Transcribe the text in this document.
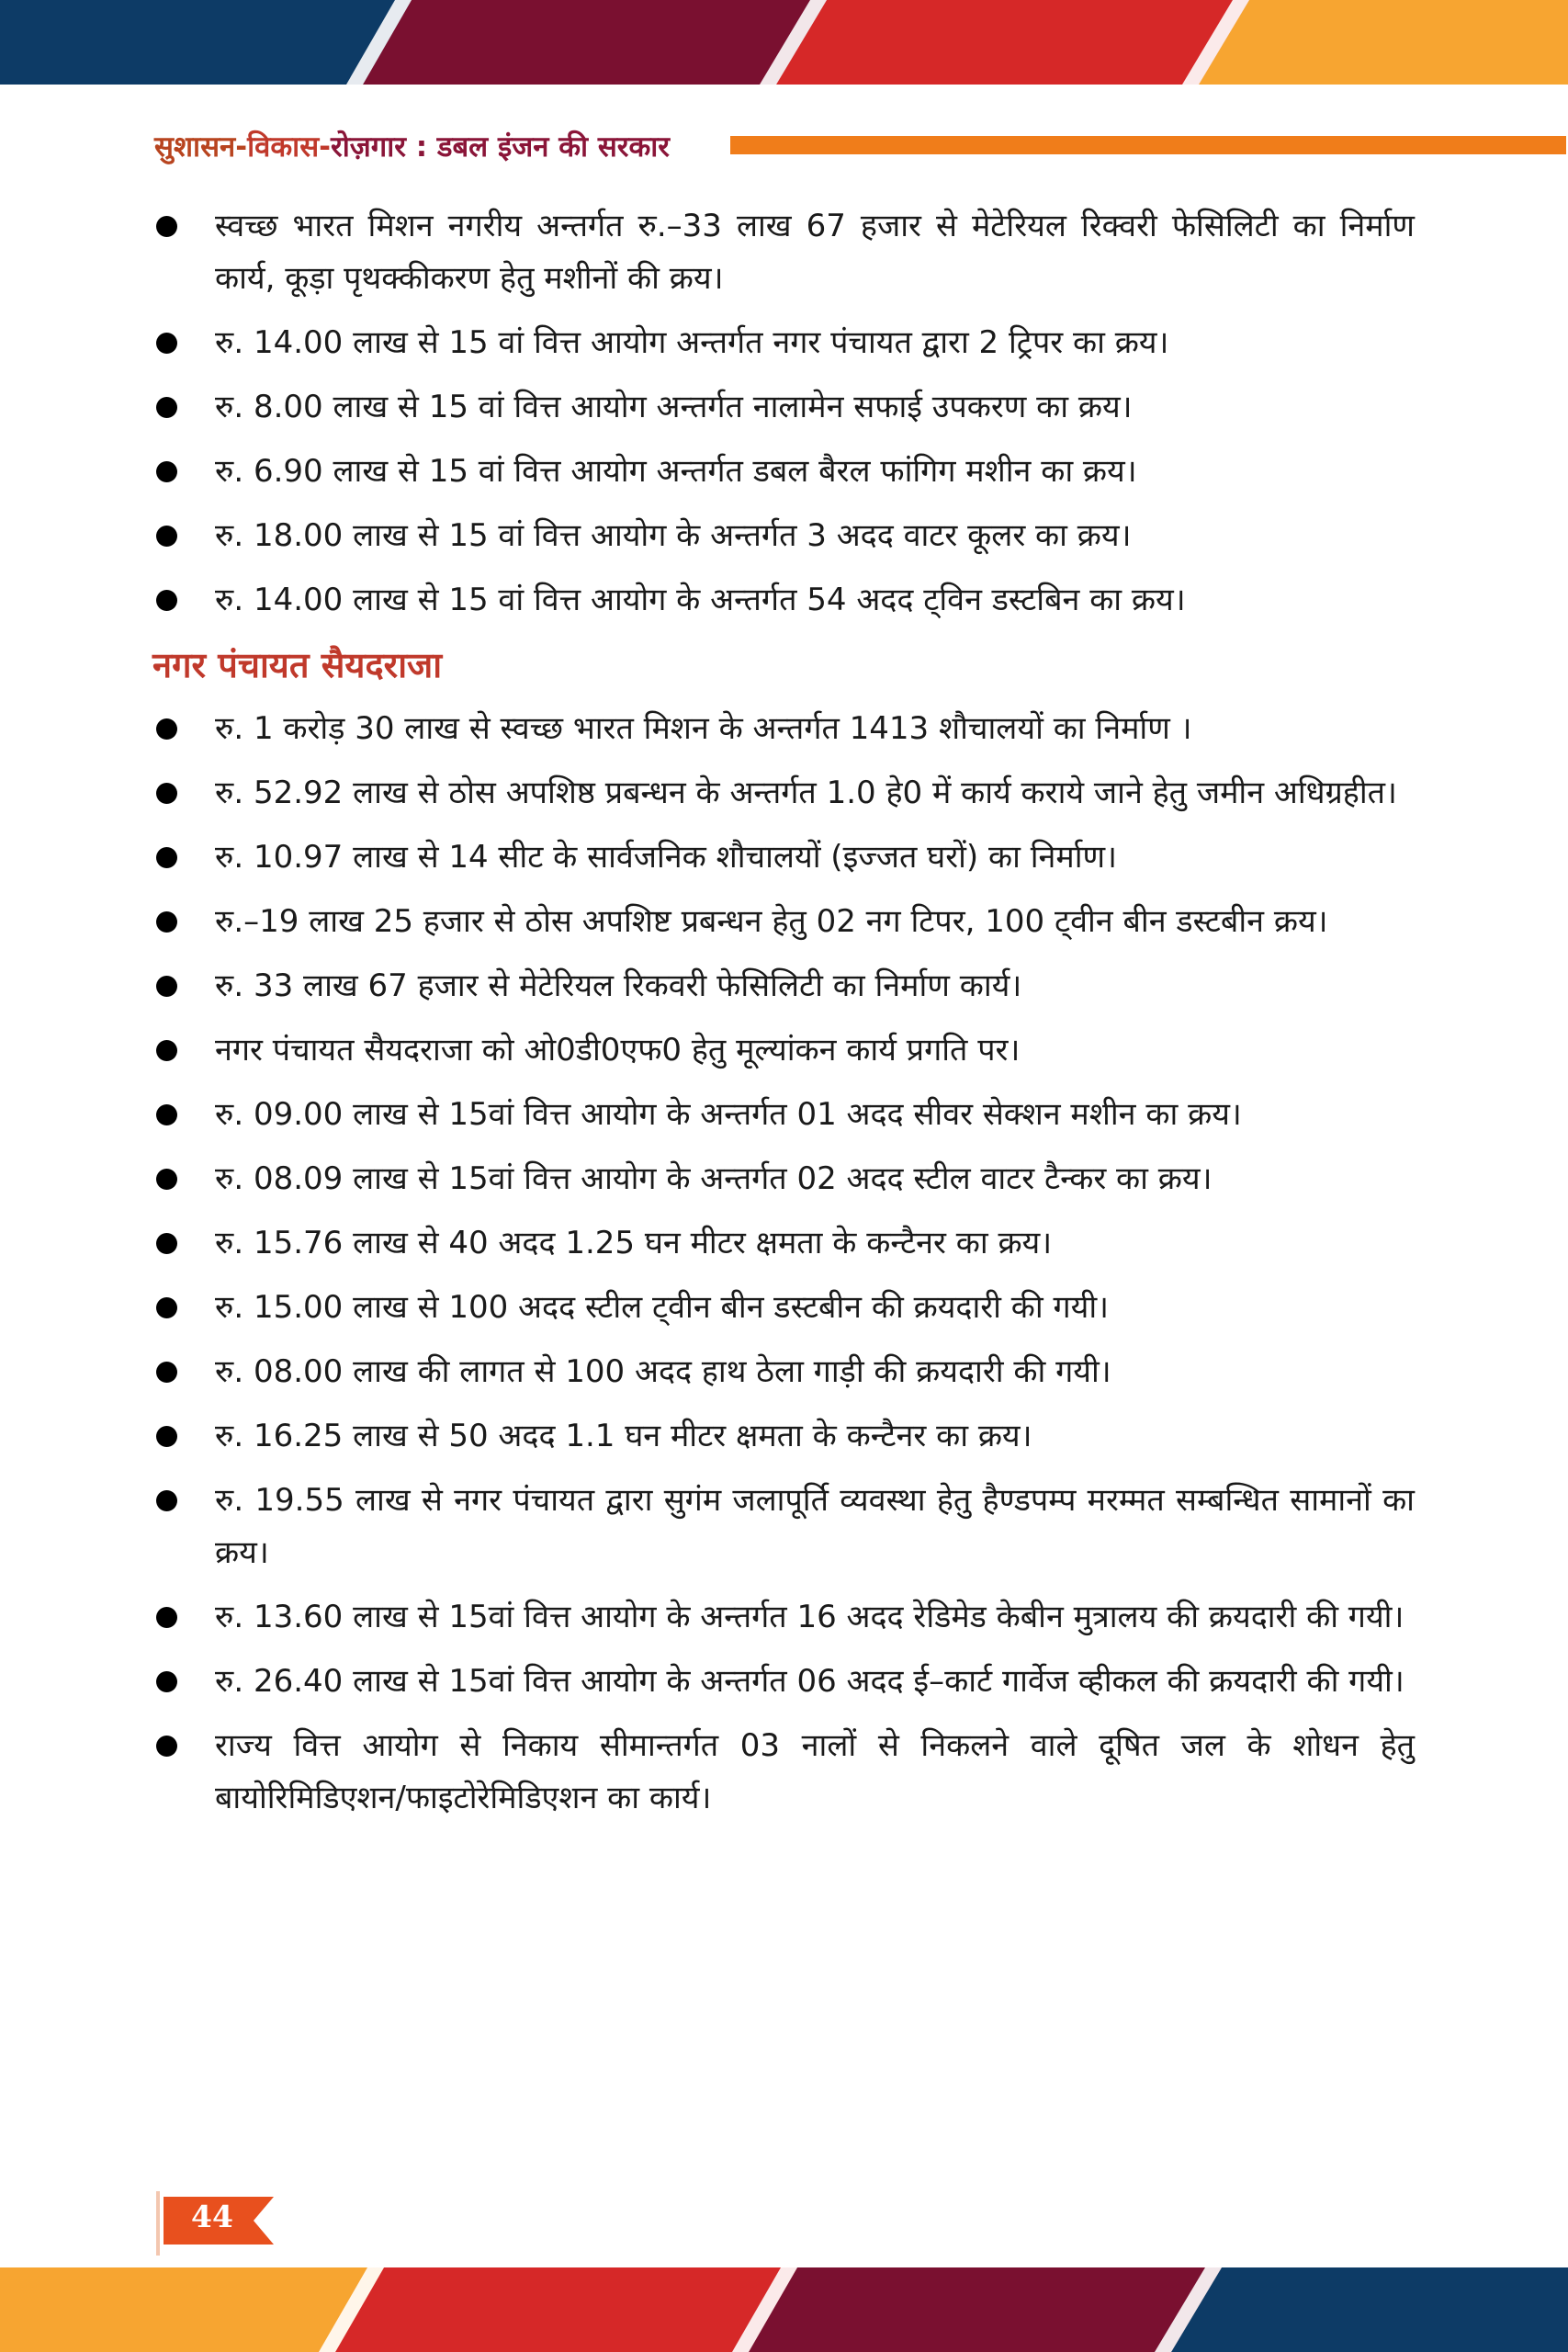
सुशासन-विकास-रोज़गार : डबल इंजन की सरकार
स्वच्छ भारत मिशन नगरीय अन्तर्गत रु.–33 लाख 67 हजार से मेटेरियल रिक्वरी फेसिलिटी का निर्माण कार्य, कूड़ा पृथक्कीकरण हेतु मशीनों की क्रय।
रु. 14.00 लाख से 15 वां वित्त आयोग अन्तर्गत नगर पंचायत द्वारा 2 ट्रिपर का क्रय।
रु. 8.00 लाख से 15 वां वित्त आयोग अन्तर्गत नालामेन सफाई उपकरण का क्रय।
रु. 6.90 लाख से 15 वां वित्त आयोग अन्तर्गत डबल बैरल फांगिग मशीन का क्रय।
रु. 18.00 लाख से 15 वां वित्त आयोग के अन्तर्गत 3 अदद वाटर कूलर का क्रय।
रु. 14.00 लाख से 15 वां वित्त आयोग के अन्तर्गत 54 अदद ट्विन डस्टबिन का क्रय।
नगर पंचायत सैयदराजा
रु. 1 करोड़ 30 लाख से स्वच्छ भारत मिशन के अन्तर्गत 1413 शौचालयों का निर्माण ।
रु. 52.92 लाख से ठोस अपशिष्ठ प्रबन्धन के अन्तर्गत 1.0 हे0 में कार्य कराये जाने हेतु जमीन अधिग्रहीत।
रु. 10.97 लाख से 14 सीट के सार्वजनिक शौचालयों (इज्जत घरों) का निर्माण।
रु.–19 लाख 25 हजार से ठोस अपशिष्ट प्रबन्धन हेतु 02 नग टिपर, 100 ट्वीन बीन डस्टबीन क्रय।
रु. 33 लाख 67 हजार से मेटेरियल रिकवरी फेसिलिटी का निर्माण कार्य।
नगर पंचायत सैयदराजा को ओ0डी0एफ0 हेतु मूल्यांकन कार्य प्रगति पर।
रु. 09.00 लाख से 15वां वित्त आयोग के अन्तर्गत 01 अदद सीवर सेक्शन मशीन का क्रय।
रु. 08.09 लाख से 15वां वित्त आयोग के अन्तर्गत 02 अदद स्टील वाटर टैन्कर का क्रय।
रु. 15.76 लाख से 40 अदद 1.25 घन मीटर क्षमता के कन्टैनर का क्रय।
रु. 15.00 लाख से 100 अदद स्टील ट्वीन बीन डस्टबीन की क्रयदारी की गयी।
रु. 08.00 लाख की लागत से 100 अदद हाथ ठेला गाड़ी की क्रयदारी की गयी।
रु. 16.25 लाख से 50 अदद 1.1 घन मीटर क्षमता के कन्टैनर का क्रय।
रु. 19.55 लाख से नगर पंचायत द्वारा सुगंम जलापूर्ति व्यवस्था हेतु हैण्डपम्प मरम्मत सम्बन्धित सामानों का क्रय।
रु. 13.60 लाख से 15वां वित्त आयोग के अन्तर्गत 16 अदद रेडिमेड केबीन मुत्रालय की क्रयदारी की गयी।
रु. 26.40 लाख से 15वां वित्त आयोग के अन्तर्गत 06 अदद ई–कार्ट गार्वेज व्हीकल की क्रयदारी की गयी।
राज्य वित्त आयोग से निकाय सीमान्तर्गत 03 नालों से निकलने वाले दूषित जल के शोधन हेतु बायोरिमिडिएशन/फाइटोरेमिडिएशन का कार्य।
44
